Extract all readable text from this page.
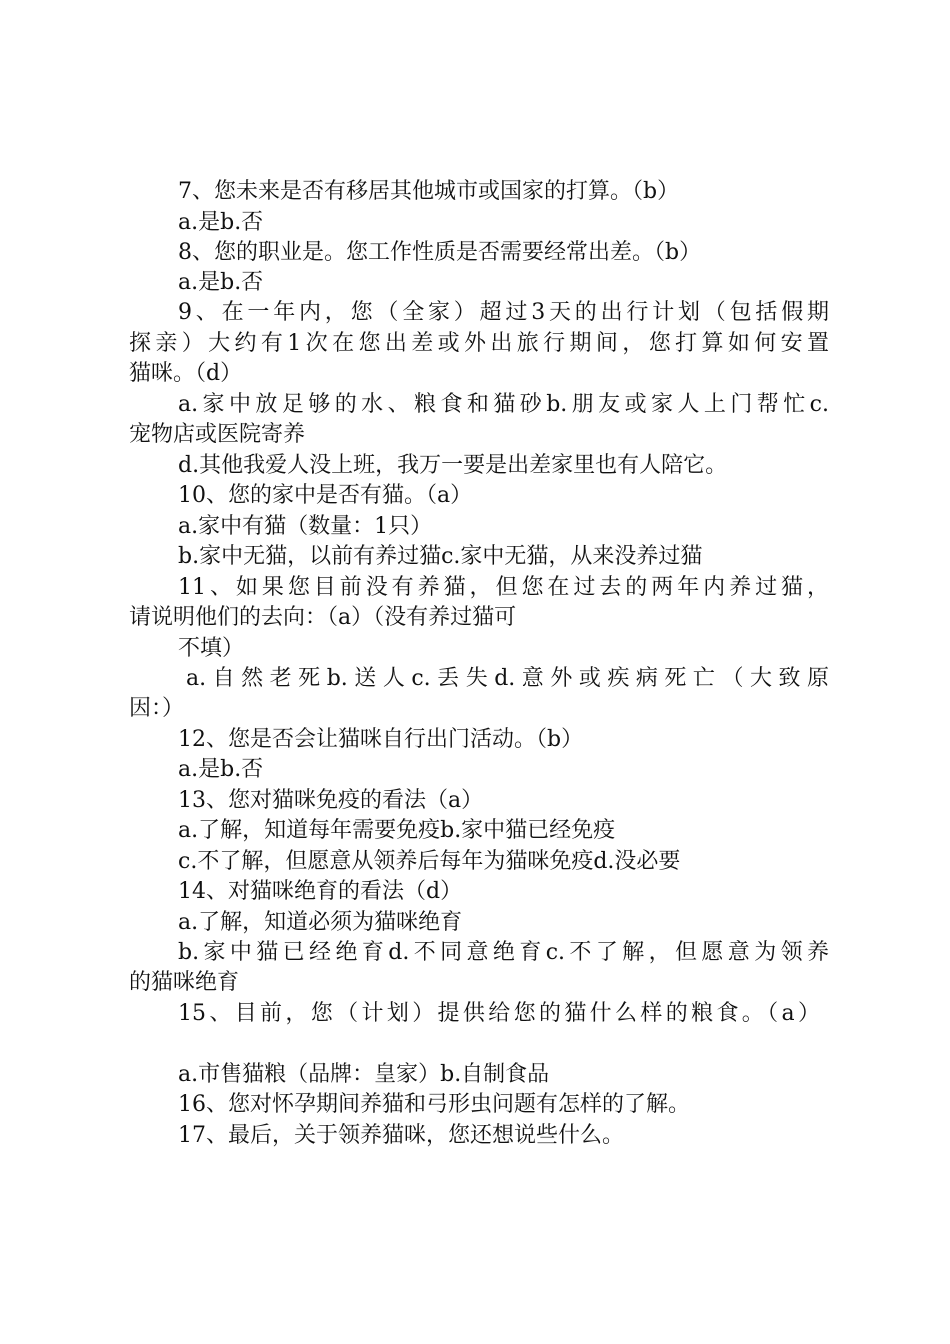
7、您未来是否有移居其他城市或国家的打算。（b）
a.是b.否
8、您的职业是。您工作性质是否需要经常出差。（b）
a.是b.否
9、在一年内，您（全家）超过3天的出行计划（包括假期
探亲）大约有1次在您出差或外出旅行期间，您打算如何安置
猫咪。（d）
a.家中放足够的水、粮食和猫砂b.朋友或家人上门帮忙c.
宠物店或医院寄养
d.其他我爱人没上班，我万一要是出差家里也有人陪它。
10、您的家中是否有猫。（a）
a.家中有猫（数量：1只）
b.家中无猫，以前有养过猫c.家中无猫，从来没养过猫
11、如果您目前没有养猫，但您在过去的两年内养过猫，
请说明他们的去向：（a）（没有养过猫可
不填）
a.自然老死b.送人c.丢失d.意外或疾病死亡（大致原
因：）
12、您是否会让猫咪自行出门活动。（b）
a.是b.否
13、您对猫咪免疫的看法（a）
a.了解，知道每年需要免疫b.家中猫已经免疫
c.不了解，但愿意从领养后每年为猫咪免疫d.没必要
14、对猫咪绝育的看法（d）
a.了解，知道必须为猫咪绝育
b.家中猫已经绝育d.不同意绝育c.不了解，但愿意为领养
的猫咪绝育
15、目前，您（计划）提供给您的猫什么样的粮食。（a）
a.市售猫粮（品牌：皇家）b.自制食品
16、您对怀孕期间养猫和弓形虫问题有怎样的了解。
17、最后，关于领养猫咪，您还想说些什么。
